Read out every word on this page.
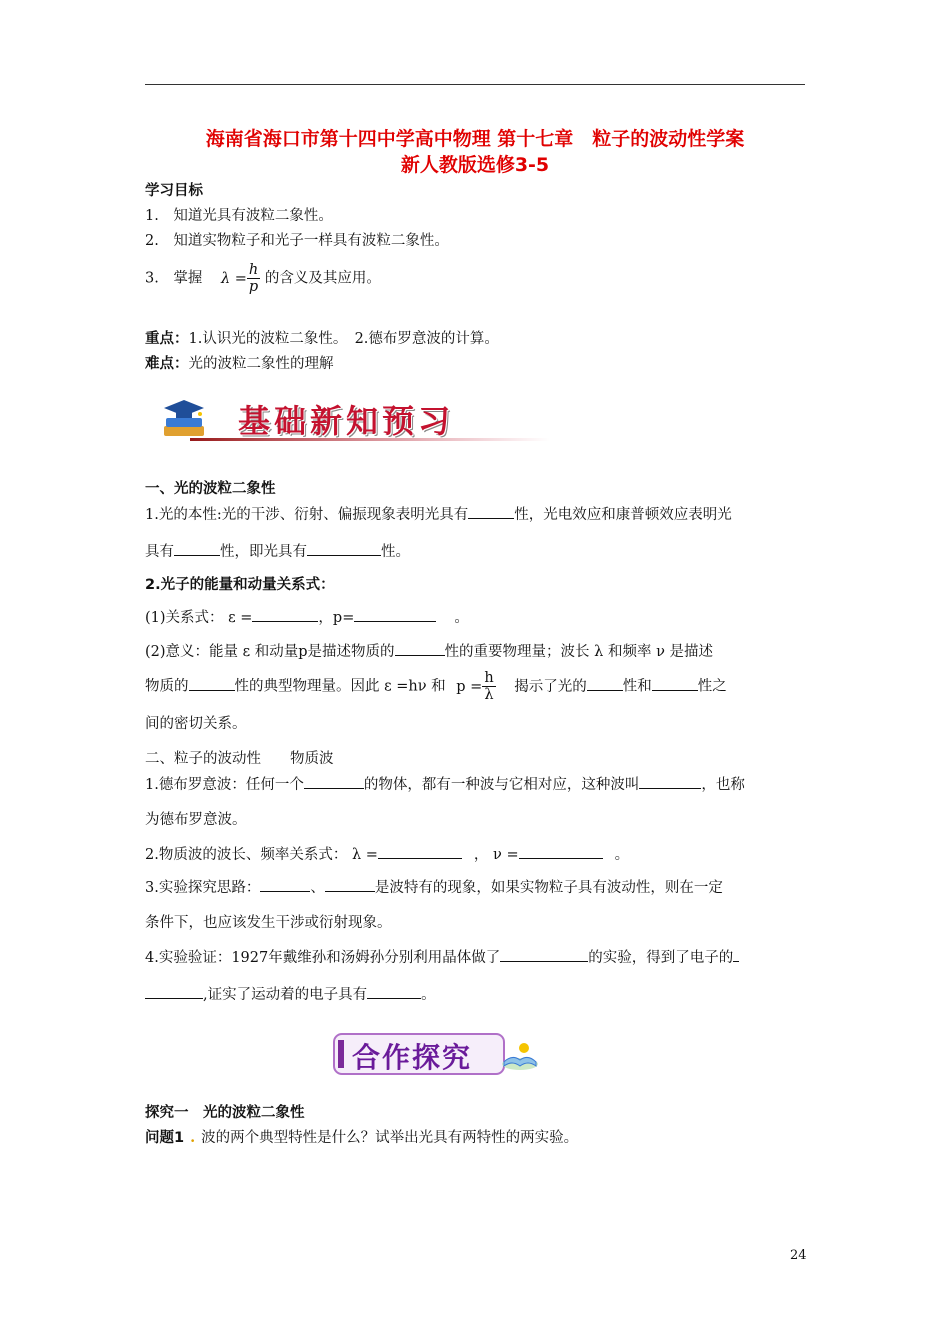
海南省海口市第十四中学高中物理 第十七章　粒子的波动性学案
新人教版选修3-5
学习目标
1.　知道光具有波粒二象性。
2.　知道实物粒子和光子一样具有波粒二象性。
3.　掌握 $\lambda = \frac{h}{p}$ 的含义及其应用。
重点：1.认识光的波粒二象性。　2.德布罗意波的计算。
难点：光的波粒二象性的理解
基础新知预习
一、光的波粒二象性
1.光的本性:光的干涉、衍射、偏振现象表明光具有	性，光电效应和康普顿效应表明光
具有	性，即光具有	性。
2.光子的能量和动量关系式：
(1)关系式： ε =	，p=	。
(2)意义：能量 ε 和动量p是描述物质的	性的重要物理量；波长 λ 和频率 ν 是描述
物质的	性的典型物理量。因此 ε =hν 和 $p = \frac{h}{\lambda}$ 揭示了光的 性和	性之
间的密切关系。
二、粒子的波动性　　物质波
1.德布罗意波：任何一个	的物体，都有一种波与它相对应，这种波叫	，也称
为德布罗意波。
2.物质波的波长、频率关系式： λ =	， ν =	。
3.实验探究思路：	、	是波特有的现象，如果实物粒子具有波动性，则在一定
条件下，也应该发生干涉或衍射现象。
4.实验验证：1927年戴维孙和汤姆孙分别利用晶体做了	的实验，得到了电子的
,证实了运动着的电子具有	。
合作探究
探究一　光的波粒二象性
问题1 . 波的两个典型特性是什么？试举出光具有两特性的两实验。
24
